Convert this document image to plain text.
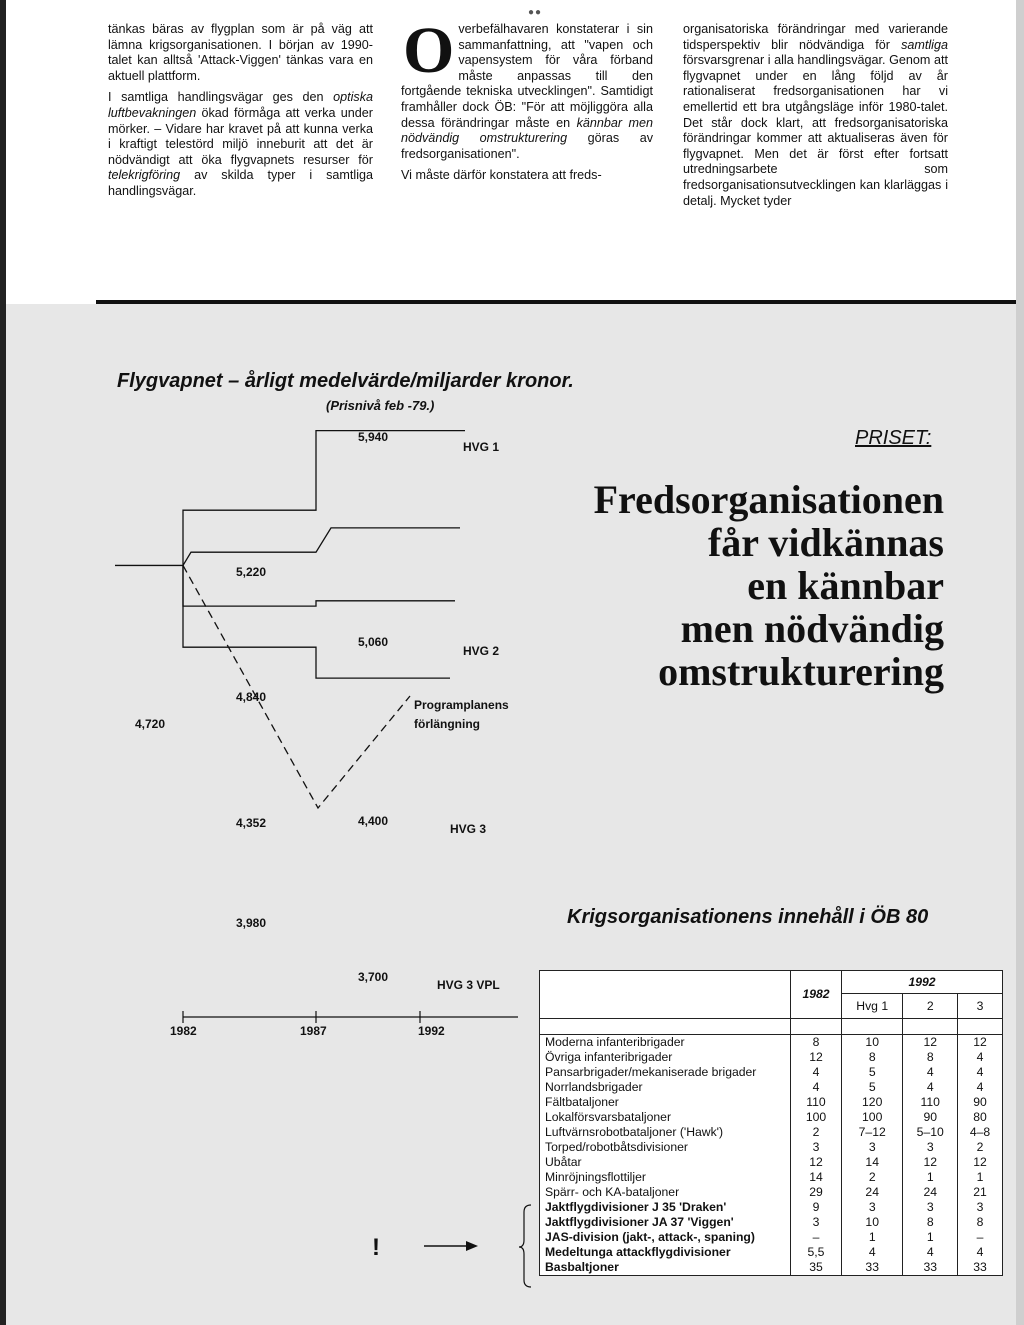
●●

tänkas bäras av flygplan som är på väg att lämna krigsorganisationen. I början av 1990-talet kan alltså 'Attack-Viggen' tänkas vara en aktuell plattform.

I samtliga handlingsvägar ges den optiska luftbevakningen ökad förmåga att verka under mörker. – Vidare har kravet på att kunna verka i kraftigt telestörd miljö inneburit att det är nödvändigt att öka flygvapnets resurser för telekrigföring av skilda typer i samtliga handlingsvägar.

Overbefälhavaren konstaterar i sin sammanfattning, att "vapen och vapensystem för våra förband måste anpassas till den fortgående tekniska utvecklingen". Samtidigt framhåller dock ÖB: "För att möjliggöra alla dessa förändringar måste en kännbar men nödvändig omstrukturering göras av fredsorganisationen".

Vi måste därför konstatera att freds-

organisatoriska förändringar med varierande tidsperspektiv blir nödvändiga för samtliga försvarsgrenar i alla handlingsvägar. Genom att flygvapnet under en lång följd av år rationaliserat fredsorganisationen har vi emellertid ett bra utgångsläge inför 1980-talet. Det står dock klart, att fredsorganisatoriska förändringar kommer att aktualiseras även för flygvapnet. Men det är först efter fortsatt utredningsarbete som fredsorganisationsutvecklingen kan klarläggas i detalj. Mycket tyder

Flygvapnet – årligt medelvärde/miljarder kronor.
(Prisnivå feb -79.)
4,720
5,220
5,940
HVG 1
4,840
5,060
HVG 2
Programplanens
förlängning
4,352	4,400
HVG 3
3,980
3,700
HVG 3 VPL
1982	1987	1992
PRISET:
Fredsorganisationen
får vidkännas
en kännbar
men nödvändig
omstrukturering
Krigsorganisationens innehåll i ÖB 80
	1982	1992		
		Hvg 1	2	3

Moderna infanteribrigader	8	10	12	12
Övriga infanteribrigader	12	8	8	4
Pansarbrigader/mekaniserade brigader	4	5	4	4
Norrlandsbrigader	4	5	4	4
Fältbataljoner	110	120	110	90
Lokalförsvarsbataljoner	100	100	90	80
Luftvärnsrobotbataljoner ('Hawk')	2	7–12	5–10	4–8
Torped/robotbåtsdivisioner	3	3	3	2
Ubåtar	12	14	12	12
Minröjningsflottiljer	14	2	1	1
Spärr- och KA-bataljoner	29	24	24	21
Jaktflygdivisioner J 35 'Draken'	9	3	3	3
Jaktflygdivisioner JA 37 'Viggen'	3	10	8	8
JAS-division (jakt-, attack-, spaning)	–	1	1	–
Medeltunga attackflygdivisioner	5,5	4	4	4
Basbaltjoner	35	33	33	33
!
